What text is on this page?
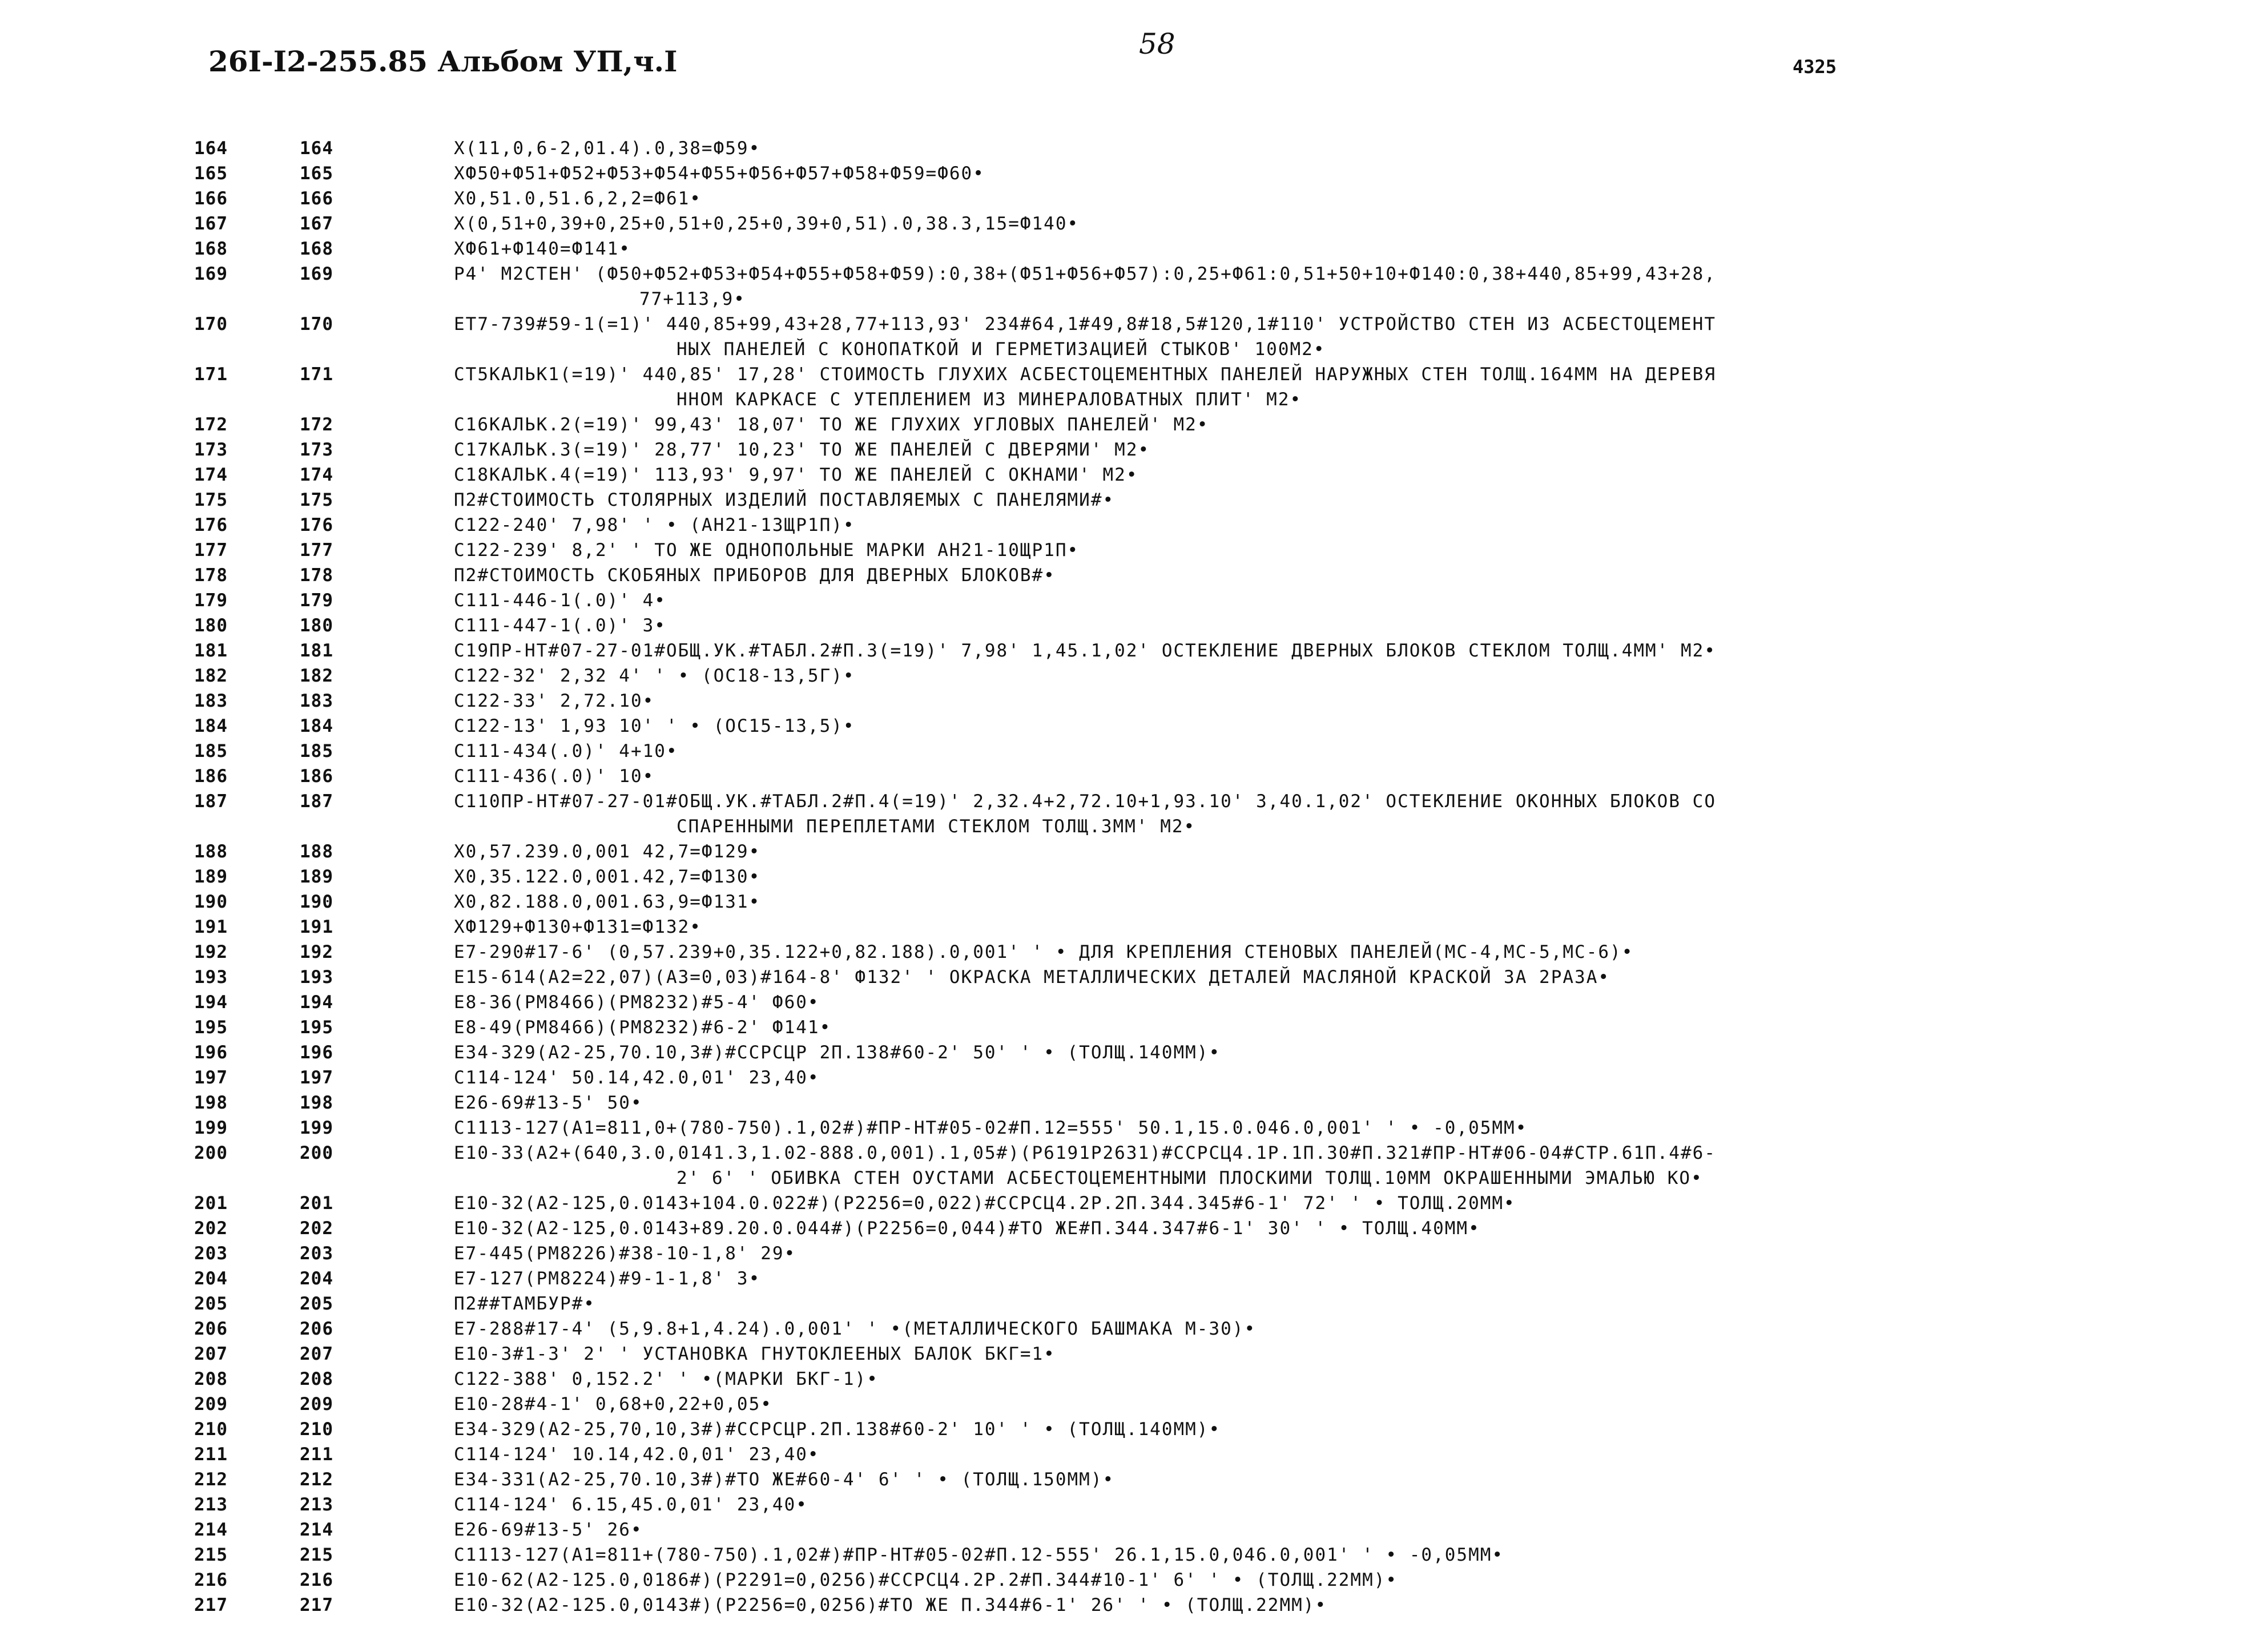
26I-I2-255.85 Альбом УП,ч.I
58
4325
164	164	Х(11,0,6-2,01.4).0,38=Ф59•
165	165	ХФ50+Ф51+Ф52+Ф53+Ф54+Ф55+Ф56+Ф57+Ф58+Ф59=Ф60•
166	166	Х0,51.0,51.6,2,2=Ф61•
167	167	Х(0,51+0,39+0,25+0,51+0,25+0,39+0,51).0,38.3,15=Ф140•
168	168	ХФ61+Ф140=Ф141•
169	169	Р4' М2СТЕН' (Ф50+Ф52+Ф53+Ф54+Ф55+Ф58+Ф59):0,38+(Ф51+Ф56+Ф57):0,25+Ф61:0,51+50+10+Ф140:0,38+440,85+99,43+28,
77+113,9•
170	170	ЕТ7-739#59-1(=1)' 440,85+99,43+28,77+113,93' 234#64,1#49,8#18,5#120,1#110' УСТРОЙСТВО СТЕН ИЗ АСБЕСТОЦЕМЕНТ
НЫХ ПАНЕЛЕЙ С КОНОПАТКОЙ И ГЕРМЕТИЗАЦИЕЙ СТЫКОВ' 100М2•
171	171	СТ5КАЛЬК1(=19)' 440,85' 17,28' СТОИМОСТЬ ГЛУХИХ АСБЕСТОЦЕМЕНТНЫХ ПАНЕЛЕЙ НАРУЖНЫХ СТЕН ТОЛЩ.164ММ НА ДЕРЕВЯ
ННОМ КАРКАСЕ С УТЕПЛЕНИЕМ ИЗ МИНЕРАЛОВАТНЫХ ПЛИТ' М2•
172	172	С16КАЛЬК.2(=19)' 99,43' 18,07' ТО ЖЕ ГЛУХИХ УГЛОВЫХ ПАНЕЛЕЙ' М2•
173	173	С17КАЛЬК.3(=19)' 28,77' 10,23' ТО ЖЕ ПАНЕЛЕЙ С ДВЕРЯМИ' М2•
174	174	С18КАЛЬК.4(=19)' 113,93' 9,97' ТО ЖЕ ПАНЕЛЕЙ С ОКНАМИ' М2•
175	175	П2#СТОИМОСТЬ СТОЛЯРНЫХ ИЗДЕЛИЙ ПОСТАВЛЯЕМЫХ С ПАНЕЛЯМИ#•
176	176	С122-240' 7,98' ' • (АН21-13ЩР1П)•
177	177	С122-239' 8,2' ' ТО ЖЕ ОДНОПОЛЬНЫЕ МАРКИ АН21-10ЩР1П•
178	178	П2#СТОИМОСТЬ СКОБЯНЫХ ПРИБОРОВ ДЛЯ ДВЕРНЫХ БЛОКОВ#•
179	179	С111-446-1(.0)' 4•
180	180	С111-447-1(.0)' 3•
181	181	С19ПР-НТ#07-27-01#ОБЩ.УК.#ТАБЛ.2#П.3(=19)' 7,98' 1,45.1,02' ОСТЕКЛЕНИЕ ДВЕРНЫХ БЛОКОВ СТЕКЛОМ ТОЛЩ.4ММ' М2•
182	182	С122-32' 2,32 4' ' • (ОС18-13,5Г)•
183	183	С122-33' 2,72.10•
184	184	С122-13' 1,93 10' ' • (ОС15-13,5)•
185	185	С111-434(.0)' 4+10•
186	186	С111-436(.0)' 10•
187	187	С110ПР-НТ#07-27-01#ОБЩ.УК.#ТАБЛ.2#П.4(=19)' 2,32.4+2,72.10+1,93.10' 3,40.1,02' ОСТЕКЛЕНИЕ ОКОННЫХ БЛОКОВ СО
СПАРЕННЫМИ ПЕРЕПЛЕТАМИ СТЕКЛОМ ТОЛЩ.3ММ' М2•
188	188	Х0,57.239.0,001 42,7=Ф129•
189	189	Х0,35.122.0,001.42,7=Ф130•
190	190	Х0,82.188.0,001.63,9=Ф131•
191	191	ХФ129+Ф130+Ф131=Ф132•
192	192	Е7-290#17-6' (0,57.239+0,35.122+0,82.188).0,001' ' • ДЛЯ КРЕПЛЕНИЯ СТЕНОВЫХ ПАНЕЛЕЙ(МС-4,МС-5,МС-6)•
193	193	Е15-614(А2=22,07)(А3=0,03)#164-8' Ф132' ' ОКРАСКА МЕТАЛЛИЧЕСКИХ ДЕТАЛЕЙ МАСЛЯНОЙ КРАСКОЙ ЗА 2РАЗА•
194	194	Е8-36(РМ8466)(РМ8232)#5-4' Ф60•
195	195	Е8-49(РМ8466)(РМ8232)#6-2' Ф141•
196	196	Е34-329(А2-25,70.10,3#)#ССРСЦР 2П.138#60-2' 50' ' • (ТОЛЩ.140ММ)•
197	197	С114-124' 50.14,42.0,01' 23,40•
198	198	Е26-69#13-5' 50•
199	199	С1113-127(А1=811,0+(780-750).1,02#)#ПР-НТ#05-02#П.12=555' 50.1,15.0.046.0,001' ' • -0,05ММ•
200	200	Е10-33(А2+(640,3.0,0141.3,1.02-888.0,001).1,05#)(Р6191Р2631)#ССРСЦ4.1Р.1П.30#П.321#ПР-НТ#06-04#СТР.61П.4#6-
2' 6' ' ОБИВКА СТЕН ОУСТАМИ АСБЕСТОЦЕМЕНТНЫМИ ПЛОСКИМИ ТОЛЩ.10ММ ОКРАШЕННЫМИ ЭМАЛЬЮ КО•
201	201	Е10-32(А2-125,0.0143+104.0.022#)(Р2256=0,022)#ССРСЦ4.2Р.2П.344.345#6-1' 72' ' • ТОЛЩ.20ММ•
202	202	Е10-32(А2-125,0.0143+89.20.0.044#)(Р2256=0,044)#ТО ЖЕ#П.344.347#6-1' 30' ' • ТОЛЩ.40ММ•
203	203	Е7-445(РМ8226)#38-10-1,8' 29•
204	204	Е7-127(РМ8224)#9-1-1,8' 3•
205	205	П2##ТАМБУР#•
206	206	Е7-288#17-4' (5,9.8+1,4.24).0,001' ' •(МЕТАЛЛИЧЕСКОГО БАШМАКА М-30)•
207	207	Е10-3#1-3' 2' ' УСТАНОВКА ГНУТОКЛЕЕНЫХ БАЛОК БКГ=1•
208	208	С122-388' 0,152.2' ' •(МАРКИ БКГ-1)•
209	209	Е10-28#4-1' 0,68+0,22+0,05•
210	210	Е34-329(А2-25,70,10,3#)#ССРСЦР.2П.138#60-2' 10' ' • (ТОЛЩ.140ММ)•
211	211	С114-124' 10.14,42.0,01' 23,40•
212	212	Е34-331(А2-25,70.10,3#)#ТО ЖЕ#60-4' 6' ' • (ТОЛЩ.150ММ)•
213	213	С114-124' 6.15,45.0,01' 23,40•
214	214	Е26-69#13-5' 26•
215	215	С1113-127(А1=811+(780-750).1,02#)#ПР-НТ#05-02#П.12-555' 26.1,15.0,046.0,001' ' • -0,05ММ•
216	216	Е10-62(А2-125.0,0186#)(Р2291=0,0256)#ССРСЦ4.2Р.2#П.344#10-1' 6' ' • (ТОЛЩ.22ММ)•
217	217	Е10-32(А2-125.0,0143#)(Р2256=0,0256)#ТО ЖЕ П.344#6-1' 26' ' • (ТОЛЩ.22ММ)•
